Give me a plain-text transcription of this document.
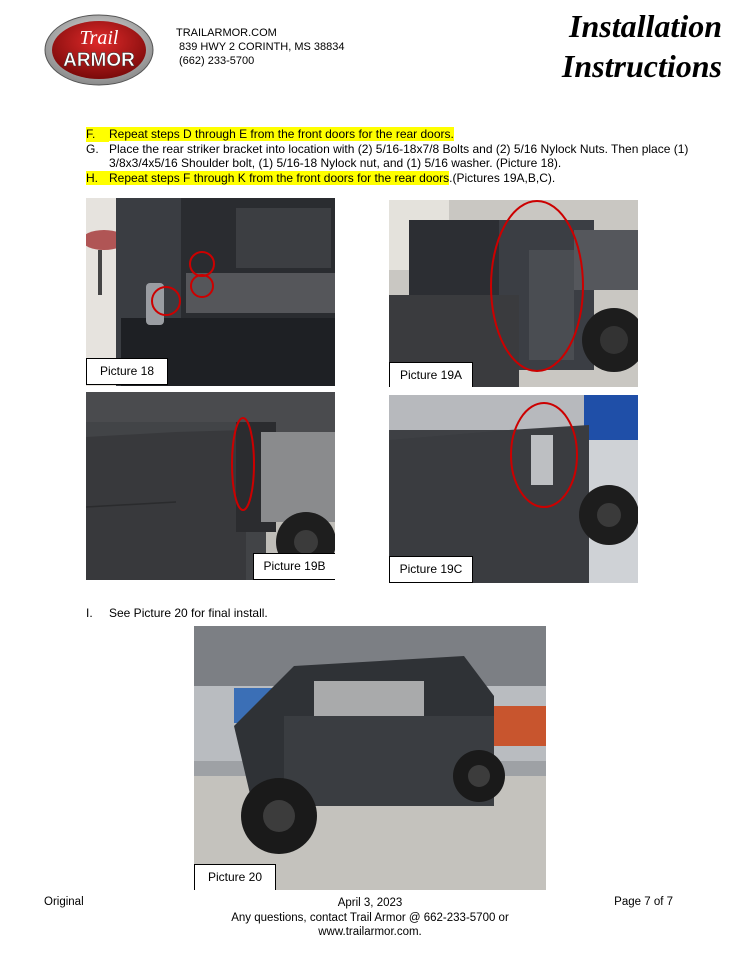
Trail
ARMOR
TRAILARMOR.COM
839 HWY 2 CORINTH, MS 38834
(662) 233-5700
Installation
Instructions
F.	Repeat steps D through E from the front doors for the rear doors.
G. Place the rear striker bracket into location with (2) 5/16-18x7/8 Bolts and (2) 5/16 Nylock Nuts. Then place (1) 3/8x3/4x5/16 Shoulder bolt, (1) 5/16-18 Nylock nut, and (1) 5/16 washer. (Picture 18).
H. Repeat steps F through K from the front doors for the rear doors.(Pictures 19A,B,C).
Picture 18	Picture 19A
Picture 19B	Picture 19C
I.	See Picture 20 for final install.
Picture 20
Original	April 3, 2023	Page 7 of 7
Any questions, contact Trail Armor @ 662-233-5700 or
www.trailarmor.com.
